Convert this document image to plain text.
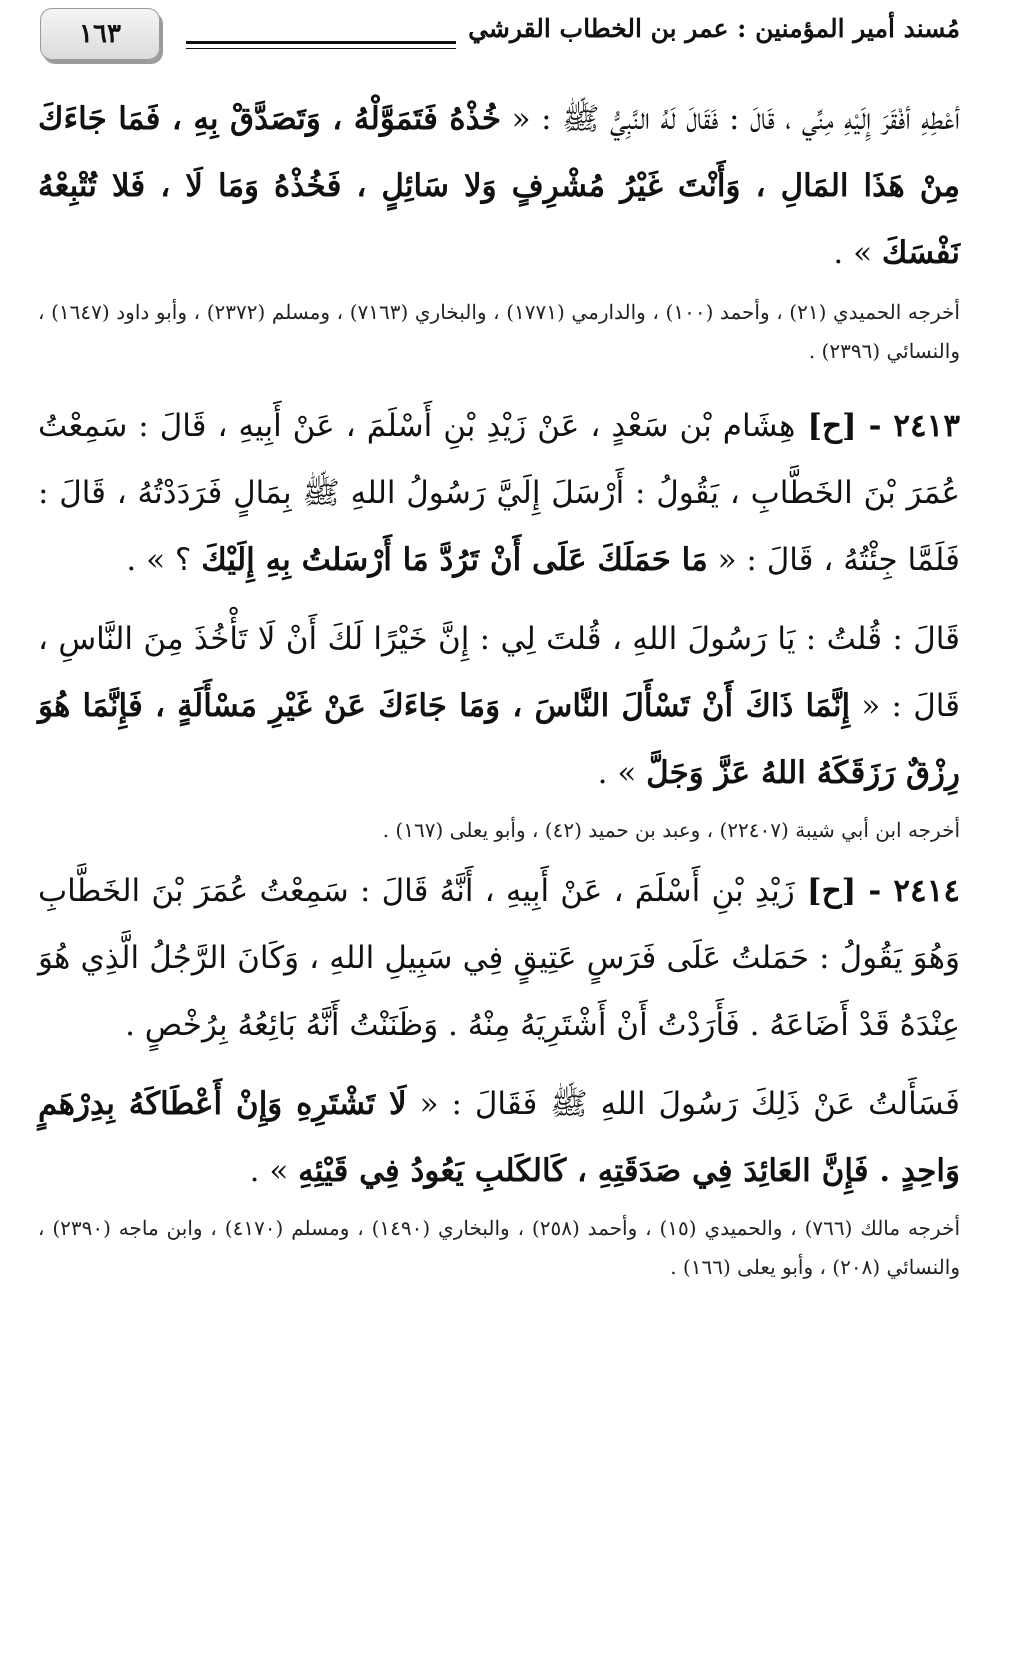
١٦٣	مُسند أمير المؤمنين : عمر بن الخطاب القرشي

أعْطِهِ أفْقَرَ إِلَيْهِ مِنِّي ، قَالَ : فَقَالَ لَهُ النَّبِيُّ ﷺ : « خُذْهُ فَتَمَوَّلْهُ ، وَتَصَدَّقْ بِهِ ، فَمَا جَاءَكَ مِنْ هَذَا المَالِ ، وَأَنْتَ غَيْرُ مُشْرِفٍ وَلا سَائِلٍ ، فَخُذْهُ وَمَا لَا ، فَلا تُتْبِعْهُ نَفْسَكَ » .

أخرجه الحميدي (٢١) ، وأحمد (١٠٠) ، والدارمي (١٧٧١) ، والبخاري (٧١٦٣) ، ومسلم (٢٣٧٢) ، وأبو داود (١٦٤٧) ، والنسائي (٢٣٩٦) .

٢٤١٣ - [ح] هِشَام بْن سَعْدٍ ، عَنْ زَيْدِ بْنِ أَسْلَمَ ، عَنْ أَبِيهِ ، قَالَ : سَمِعْتُ عُمَرَ بْنَ الخَطَّابِ ، يَقُولُ : أَرْسَلَ إِلَيَّ رَسُولُ اللهِ ﷺ بِمَالٍ فَرَدَدْتُهُ ، قَالَ : فَلَمَّا جِئْتُهُ ، قَالَ : « مَا حَمَلَكَ عَلَى أَنْ تَرُدَّ مَا أَرْسَلتُ بِهِ إِلَيْكَ ؟ » .

قَالَ : قُلتُ : يَا رَسُولَ اللهِ ، قُلتَ لِي : إِنَّ خَيْرًا لَكَ أَنْ لَا تَأْخُذَ مِنَ النَّاسِ ، قَالَ : « إِنَّمَا ذَاكَ أَنْ تَسْأَلَ النَّاسَ ، وَمَا جَاءَكَ عَنْ غَيْرِ مَسْأَلَةٍ ، فَإِنَّمَا هُوَ رِزْقٌ رَزَقَكَهُ اللهُ عَزَّ وَجَلَّ » .

أخرجه ابن أبي شيبة (٢٢٤٠٧) ، وعبد بن حميد (٤٢) ، وأبو يعلى (١٦٧) .

٢٤١٤ - [ح] زَيْدِ بْنِ أَسْلَمَ ، عَنْ أَبِيهِ ، أَنَّهُ قَالَ : سَمِعْتُ عُمَرَ بْنَ الخَطَّابِ وَهُوَ يَقُولُ : حَمَلتُ عَلَى فَرَسٍ عَتِيقٍ فِي سَبِيلِ اللهِ ، وَكَانَ الرَّجُلُ الَّذِي هُوَ عِنْدَهُ قَدْ أَضَاعَهُ . فَأَرَدْتُ أَنْ أَشْتَرِيَهُ مِنْهُ . وَظَنَنْتُ أَنَّهُ بَائِعُهُ بِرُخْصٍ .

فَسَأَلتُ عَنْ ذَلِكَ رَسُولَ اللهِ ﷺ فَقَالَ : « لَا تَشْتَرِهِ وَإِنْ أَعْطَاكَهُ بِدِرْهَمٍ وَاحِدٍ . فَإِنَّ العَائِدَ فِي صَدَقَتِهِ ، كَالكَلبِ يَعُودُ فِي قَيْئِهِ » .

أخرجه مالك (٧٦٦) ، والحميدي (١٥) ، وأحمد (٢٥٨) ، والبخاري (١٤٩٠) ، ومسلم (٤١٧٠) ، وابن ماجه (٢٣٩٠) ، والنسائي (٢٠٨) ، وأبو يعلى (١٦٦) .
